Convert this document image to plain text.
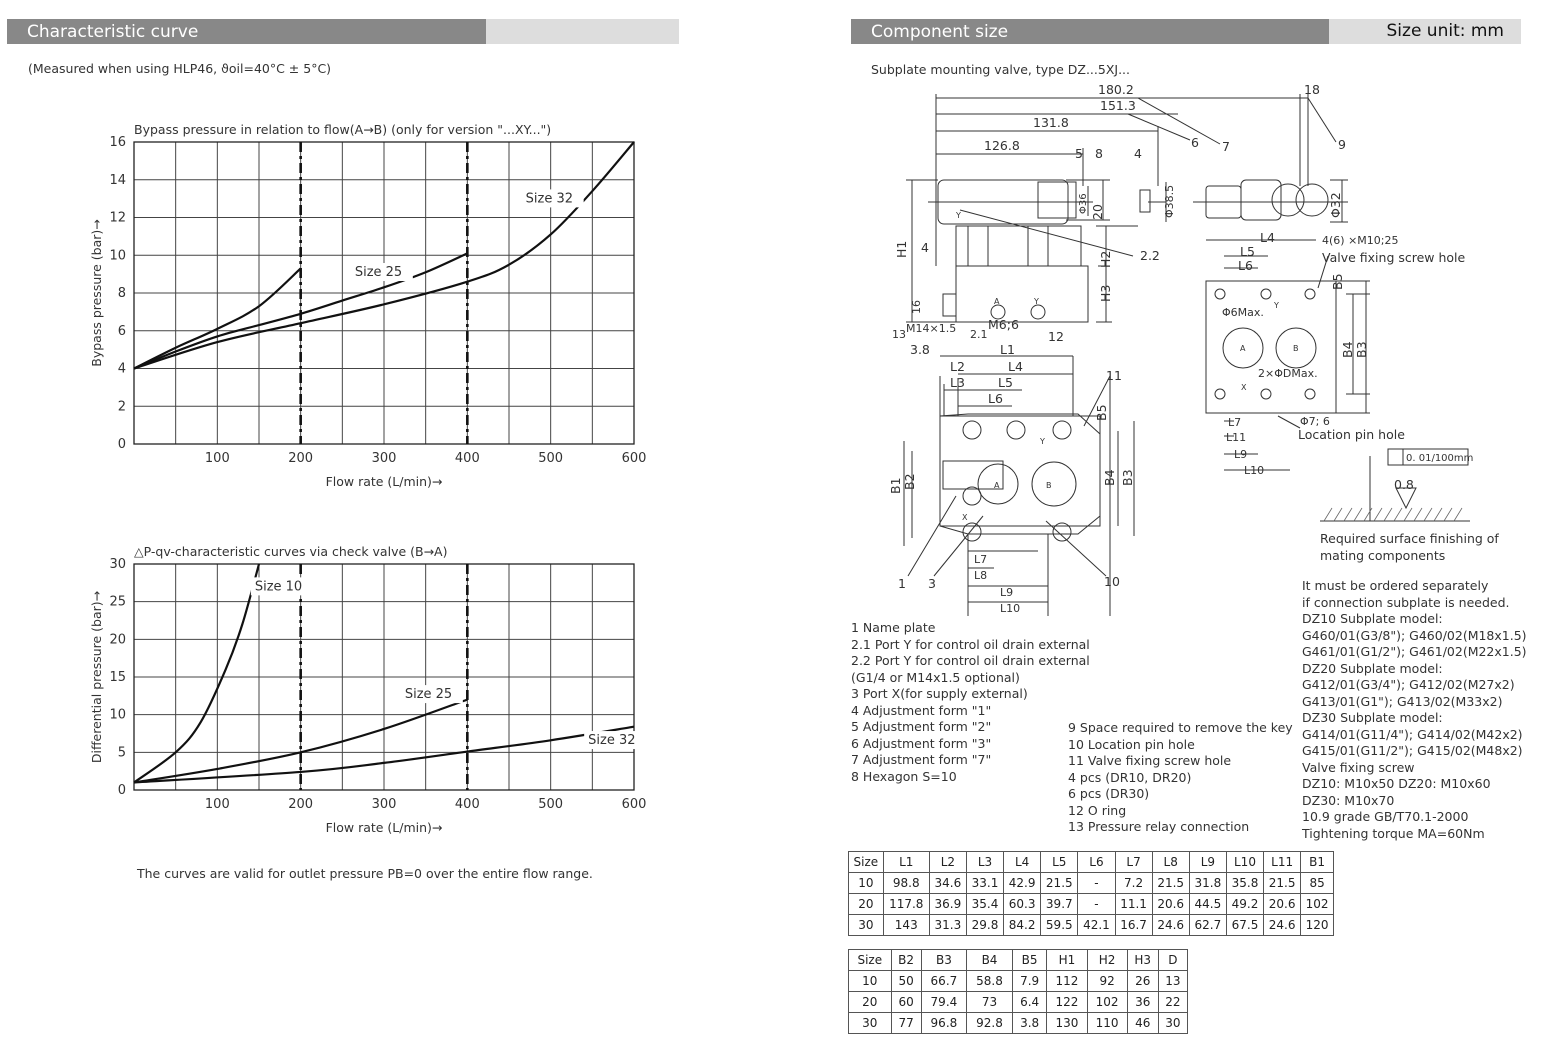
Characteristic curve	Component size	Size unit: mm
(Measured when using HLP46, ϑoil=40°C ± 5°C)
0
2
4
6
8
10
12
14
16
100	200	300	400	500	600
Size 25
Size 32
Bypass pressure in relation to flow(A→B) (only for version "...XY...")
Flow rate (L/min)→
Bypass pressure (bar)→
0
5
10
15
20
25
30
100	200	300	400	500	600
Size 10
Size 25
Size 32
△P-qv-characteristic curves via check valve (B→A)
Flow rate (L/min)→
Differential pressure (bar)→
The curves are valid for outlet pressure PB=0 over the entire flow range.
Subplate mounting valve, type DZ...5XJ...
180.2
151.3
131.8
126.8
18
H1
H2
H3
20
Φ36	Φ38.5	Φ32
4
16
M14×1.5	M6;6
3.8	L1
L2	L4
L3	L5
L6
B5
B1 B2	B4 B3
L7
L8
L9
L10
L4
L5
L6
B5
B4 B3
L7
L11
L9
L10
4(6) ×M10;25
Valve fixing screw hole
Φ6Max.
2×ΦDMax.
Φ7; 6
Location pin hole
0. 01/100mm
0.8
Required surface finishing of
mating components
A	Y
A	B
X
Y
Y
A	B
X
Y
1
2.1
2.2
3
4
5
6 7
8
9
10
11
12
13
1 Name plate
2.1 Port Y for control oil drain external
2.2 Port Y for control oil drain external
(G1/4 or M14x1.5 optional)
3 Port X(for supply external)
4 Adjustment form "1"
5 Adjustment form "2"
6 Adjustment form "3"
7 Adjustment form "7"
8 Hexagon S=10
9 Space required to remove the key
10 Location pin hole
11 Valve fixing screw hole
4 pcs (DR10, DR20)
6 pcs (DR30)
12 O ring
13 Pressure relay connection
It must be ordered separately
if connection subplate is needed.
DZ10 Subplate model:
G460/01(G3/8"); G460/02(M18x1.5)
G461/01(G1/2"); G461/02(M22x1.5)
DZ20 Subplate model:
G412/01(G3/4"); G412/02(M27x2)
G413/01(G1"); G413/02(M33x2)
DZ30 Subplate model:
G414/01(G11/4"); G414/02(M42x2)
G415/01(G11/2"); G415/02(M48x2)
Valve fixing screw
DZ10: M10x50 DZ20: M10x60
DZ30: M10x70
10.9 grade GB/T70.1-2000
Tightening torque MA=60Nm
Size	L1	L2	L3	L4	L5	L6	L7	L8	L9	L10	L11	B1
10	98.8	34.6	33.1	42.9	21.5	-	7.2	21.5	31.8	35.8	21.5	85
20	117.8	36.9	35.4	60.3	39.7	-	11.1	20.6	44.5	49.2	20.6	102
30	143	31.3	29.8	84.2	59.5	42.1	16.7	24.6	62.7	67.5	24.6	120
Size	B2	B3	B4	B5	H1	H2	H3	D
10	50	66.7	58.8	7.9	112	92	26	13
20	60	79.4	73	6.4	122	102	36	22
30	77	96.8	92.8	3.8	130	110	46	30
